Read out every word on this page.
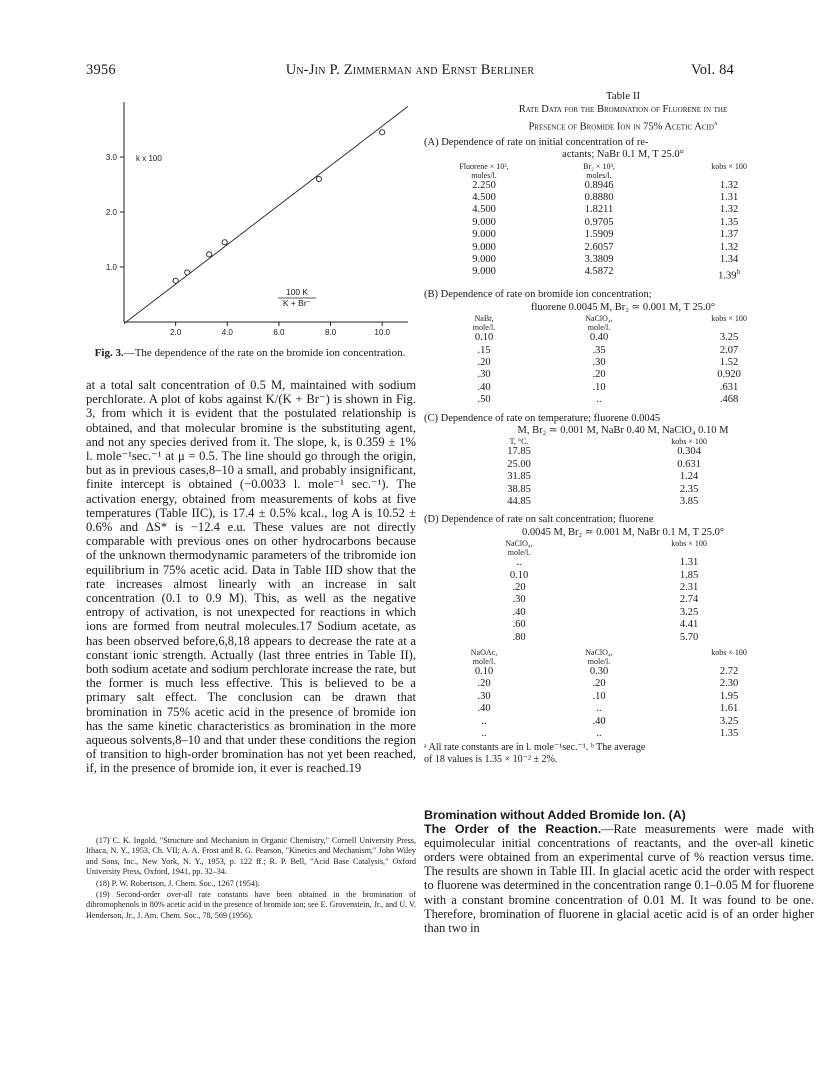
3956	Un-Jin P. Zimmerman and Ernst Berliner	Vol. 84
2.0	4.0	6.0	8.0	10.0
1.0
2.0
3.0 k x 100
100 K
K + Br⁻
Fig. 3.—The dependence of the rate on the bromide ion concentration.

at a total salt concentration of 0.5 M, maintained with sodium perchlorate. A plot of kobs against K/(K + Br⁻) is shown in Fig. 3, from which it is evident that the postulated relationship is obtained, and that molecular bromine is the substituting agent, and not any species derived from it. The slope, k, is 0.359 ± 1% l. mole⁻¹sec.⁻¹ at μ = 0.5. The line should go through the origin, but as in previous cases,8–10 a small, and probably insignificant, finite intercept is obtained (−0.0033 l. mole⁻¹ sec.⁻¹). The activation energy, obtained from measurements of kobs at five temperatures (Table IIC), is 17.4 ± 0.5% kcal., log A is 10.52 ± 0.6% and ΔS* is −12.4 e.u. These values are not directly comparable with previous ones on other hydrocarbons because of the unknown thermodynamic parameters of the tribromide ion equilibrium in 75% acetic acid. Data in Table IID show that the rate increases almost linearly with an increase in salt concentration (0.1 to 0.9 M). This, as well as the negative entropy of activation, is not unexpected for reactions in which ions are formed from neutral molecules.17 Sodium acetate, as has been observed before,6,8,18 appears to decrease the rate at a constant ionic strength. Actually (last three entries in Table II), both sodium acetate and sodium perchlorate increase the rate, but the former is much less effective. This is believed to be a primary salt effect. The conclusion can be drawn that bromination in 75% acetic acid in the presence of bromide ion has the same kinetic characteristics as bromination in the more aqueous solvents,8–10 and that under these conditions the region of transition to high-order bromination has not yet been reached, if, in the presence of bromide ion, it ever is reached.19

(17) C. K. Ingold, "Structure and Mechanism in Organic Chemistry," Cornell University Press, Ithaca, N. Y., 1953, Ch. VII; A. A. Frost and R. G. Pearson, "Kinetics and Mechanism," John Wiley and Sons, Inc., New York, N. Y., 1953, p. 122 ff.; R. P. Bell, "Acid Base Catalysis," Oxford University Press, Oxford, 1941, pp. 32–34.

(18) P. W. Robertson, J. Chem. Soc., 1267 (1954).

(19) Second-order over-all rate constants have been obtained in the bromination of dibromophenols in 80% acetic acid in the presence of bromide ion; see E. Grovenstein, Jr., and U. V. Henderson, Jr., J. Am. Chem. Soc., 78, 569 (1956).

Table II
Rate Data for the Bromination of Fluorene in the
Presence of Bromide Ion in 75% Acetic Acid$^a$
(A) Dependence of rate on initial concentration of re-
actants; NaBr 0.1 M, T 25.0°
Fluorene × 10³,	Br₂ × 10³,	kobs × 100
moles/l.	moles/l.
2.250	0.8946	1.32
4.500	0.8880	1.31
4.500	1.8211	1.32
9.000	0.9705	1.35
9.000	1.5909	1.37
9.000	2.6057	1.32
9.000	3.3809	1.34
9.000	4.5872	1.39$^b$
(B) Dependence of rate on bromide ion concentration;
fluorene 0.0045 M, Br₂ ≃ 0.001 M, T 25.0°
NaBr,	NaClO₄,	kobs × 100
mole/l.	mole/l.
0.10	0.40	3.25
.15	.35	2.07
.20	.30	1.52
.30	.20	0.920
.40	.10	.631
.50	..	.468
(C) Dependence of rate on temperature; fluorene 0.0045
M, Br₂ ≃ 0.001 M, NaBr 0.40 M, NaClO₄ 0.10 M
T, °C.	kobs × 100
17.85	0.304
25.00	0.631
31.85	1.24
38.85	2.35
44.85	3.85
(D) Dependence of rate on salt concentration; fluorene
0.0045 M, Br₂ ≃ 0.001 M, NaBr 0.1 M, T 25.0°
NaClO₄,	kobs × 100
mole/l.
..	1.31
0.10	1.85
.20	2.31
.30	2.74
.40	3.25
.60	4.41
.80	5.70
NaOAc,	NaClO₄,	kobs × 100
mole/l.	mole/l.
0.10	0.30	2.72
.20	.20	2.30
.30	.10	1.95
.40	..	1.61
..	.40	3.25
..	..	1.35
ᵃ All rate constants are in l. mole⁻¹sec.⁻¹. ᵇ The average
of 18 values is 1.35 × 10⁻² ± 2%.

Bromination without Added Bromide Ion. (A)
The Order of the Reaction.—Rate measurements were made with equimolecular initial concentrations of reactants, and the over-all kinetic orders were obtained from an experimental curve of % reaction versus time. The results are shown in Table III. In glacial acetic acid the order with respect to fluorene was determined in the concentration range 0.1–0.05 M for fluorene with a constant bromine concentration of 0.01 M. It was found to be one. Therefore, bromination of fluorene in glacial acetic acid is of an order higher than two in
